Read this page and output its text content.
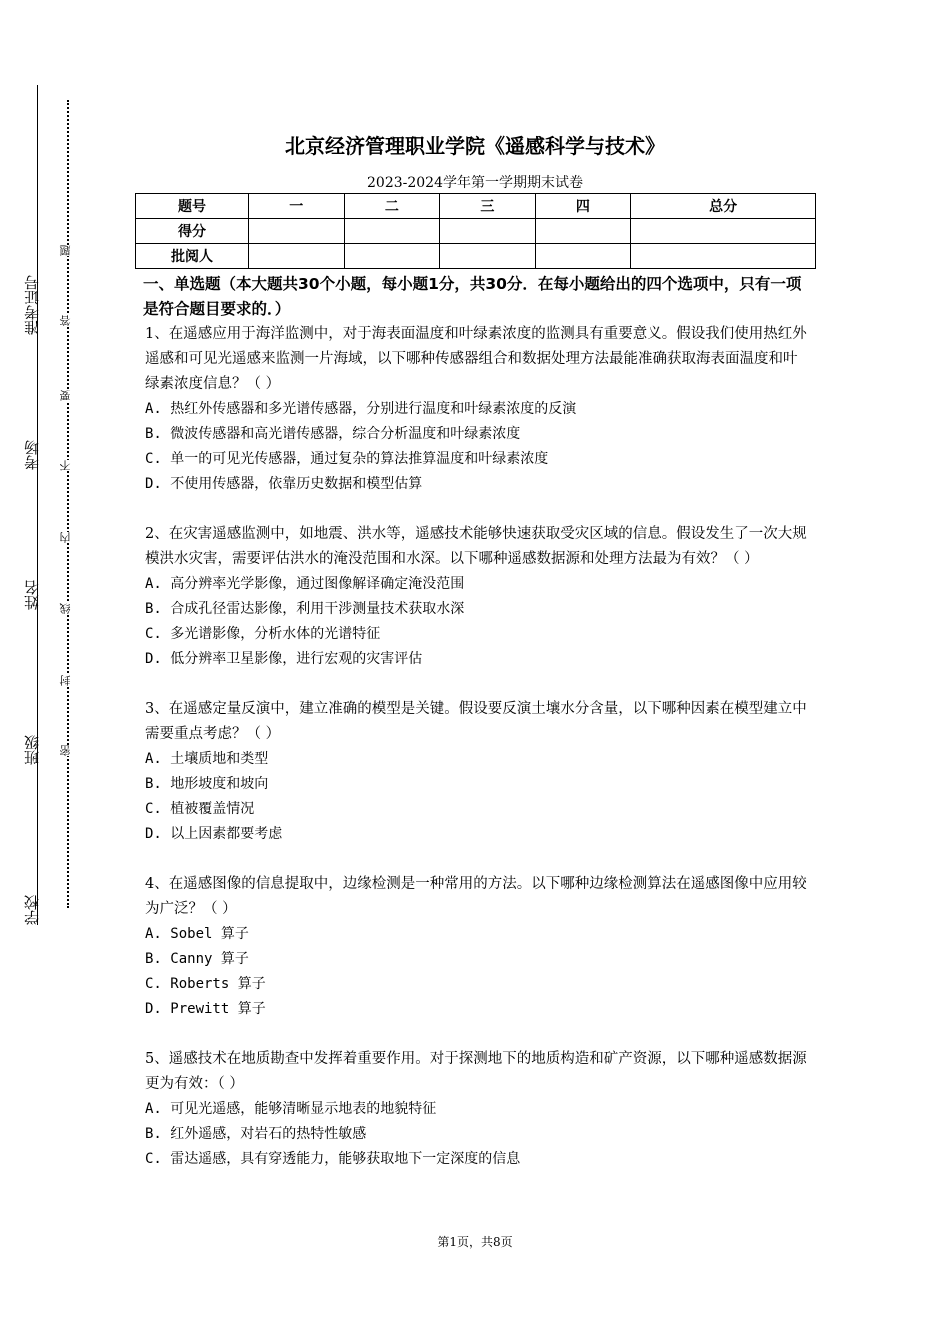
准考证号
考场
姓名
班级
学校
题
答
要
不
内
线
封
密
北京经济管理职业学院《遥感科学与技术》
2023-2024学年第一学期期末试卷
题号	一	二	三	四	总分
得分					
批阅人					
一、单选题（本大题共30个小题，每小题1分，共30分．在每小题给出的四个选项中，只有一项是符合题目要求的．）
1、在遥感应用于海洋监测中，对于海表面温度和叶绿素浓度的监测具有重要意义。假设我们使用热红外遥感和可见光遥感来监测一片海域，以下哪种传感器组合和数据处理方法最能准确获取海表面温度和叶绿素浓度信息？（ ）
A. 热红外传感器和多光谱传感器，分别进行温度和叶绿素浓度的反演
B. 微波传感器和高光谱传感器，综合分析温度和叶绿素浓度
C. 单一的可见光传感器，通过复杂的算法推算温度和叶绿素浓度
D. 不使用传感器，依靠历史数据和模型估算
2、在灾害遥感监测中，如地震、洪水等，遥感技术能够快速获取受灾区域的信息。假设发生了一次大规模洪水灾害，需要评估洪水的淹没范围和水深。以下哪种遥感数据源和处理方法最为有效？（ ）
A. 高分辨率光学影像，通过图像解译确定淹没范围
B. 合成孔径雷达影像，利用干涉测量技术获取水深
C. 多光谱影像，分析水体的光谱特征
D. 低分辨率卫星影像，进行宏观的灾害评估
3、在遥感定量反演中，建立准确的模型是关键。假设要反演土壤水分含量，以下哪种因素在模型建立中需要重点考虑？（ ）
A. 土壤质地和类型
B. 地形坡度和坡向
C. 植被覆盖情况
D. 以上因素都要考虑
4、在遥感图像的信息提取中，边缘检测是一种常用的方法。以下哪种边缘检测算法在遥感图像中应用较为广泛？（ ）
A. Sobel 算子
B. Canny 算子
C. Roberts 算子
D. Prewitt 算子
5、遥感技术在地质勘查中发挥着重要作用。对于探测地下的地质构造和矿产资源，以下哪种遥感数据源更为有效：（ ）
A. 可见光遥感，能够清晰显示地表的地貌特征
B. 红外遥感，对岩石的热特性敏感
C. 雷达遥感，具有穿透能力，能够获取地下一定深度的信息
第1页，共8页
